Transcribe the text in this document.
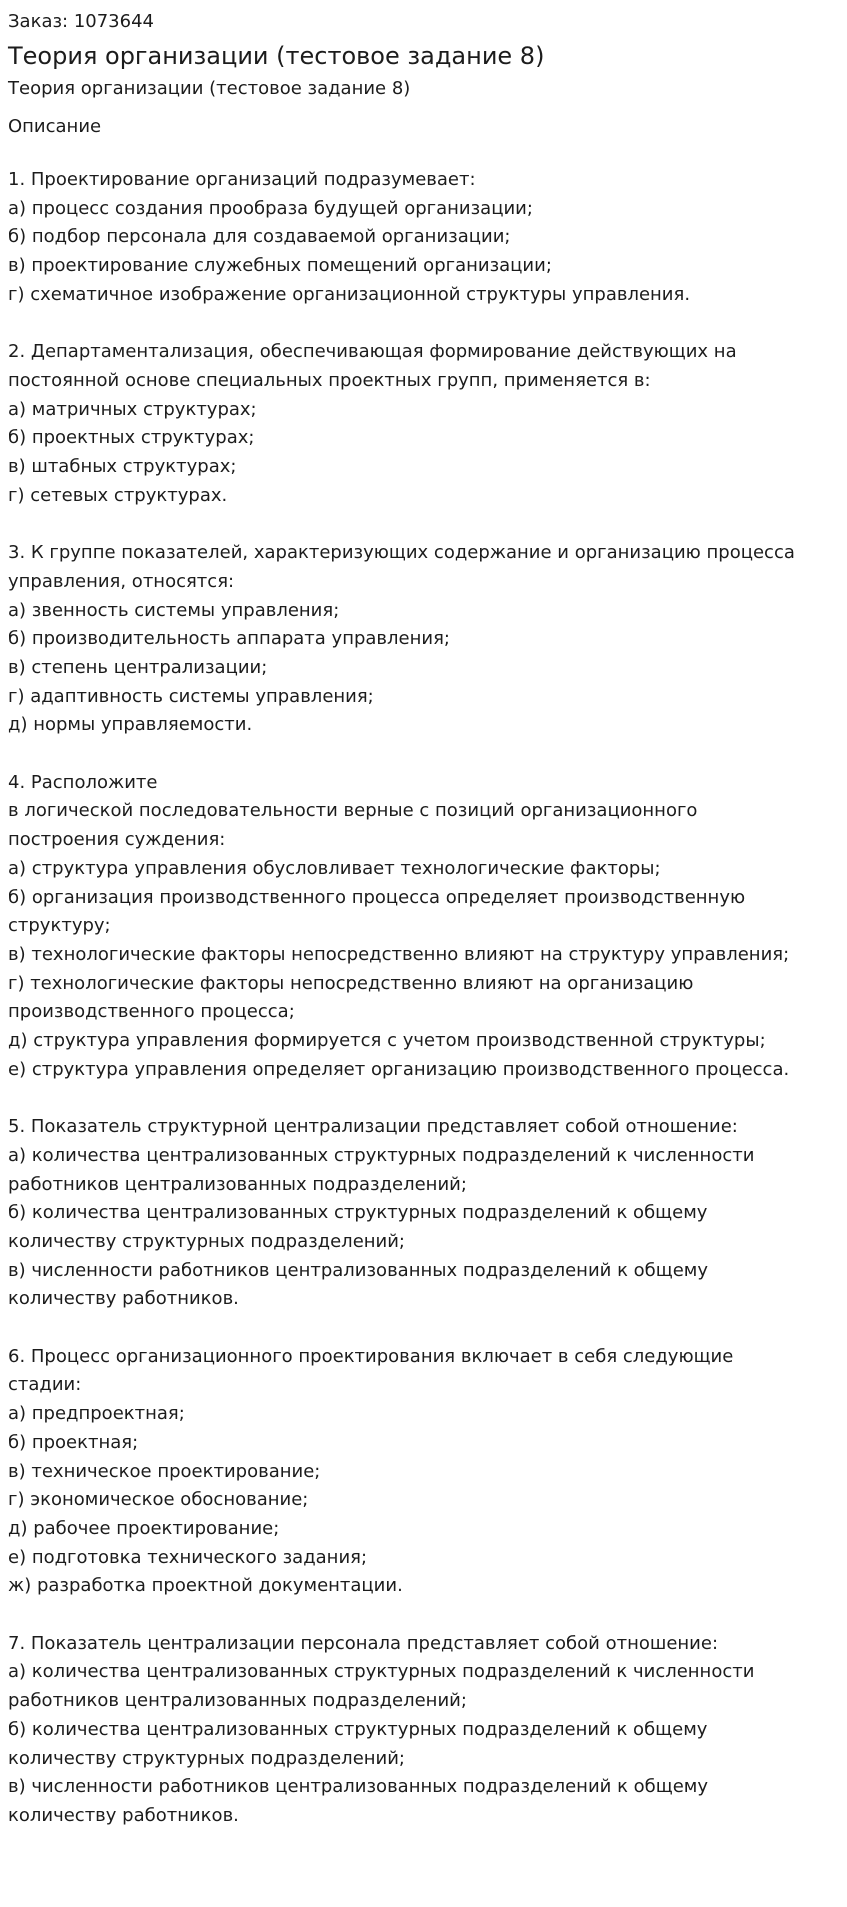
Заказ: 1073644
Теория организации (тестовое задание 8)
Теория организации (тестовое задание 8)
Описание
1. Проектирование организаций подразумевает:
а) процесс создания прообраза будущей организации;
б) подбор персонала для создаваемой организации;
в) проектирование служебных помещений организации;
г) схематичное изображение организационной структуры управления.
2. Департаментализация, обеспечивающая формирование действующих на
постоянной основе специальных проектных групп, применяется в:
а) матричных структурах;
б) проектных структурах;
в) штабных структурах;
г) сетевых структурах.
3. К группе показателей, характеризующих содержание и организацию процесса
управления, относятся:
а) звенность системы управления;
б) производительность аппарата управления;
в) степень централизации;
г) адаптивность системы управления;
д) нормы управляемости.
4. Расположите
в логической последовательности верные с позиций организационного
построения суждения:
а) структура управления обусловливает технологические факторы;
б) организация производственного процесса определяет производственную
структуру;
в) технологические факторы непосредственно влияют на структуру управления;
г) технологические факторы непосредственно влияют на организацию
производственного процесса;
д) структура управления формируется с учетом производственной структуры;
е) структура управления определяет организацию производственного процесса.
5. Показатель структурной централизации представляет собой отношение:
а) количества централизованных структурных подразделений к численности
работников централизованных подразделений;
б) количества централизованных структурных подразделений к общему
количеству структурных подразделений;
в) численности работников централизованных подразделений к общему
количеству работников.
6. Процесс организационного проектирования включает в себя следующие
стадии:
а) предпроектная;
б) проектная;
в) техническое проектирование;
г) экономическое обоснование;
д) рабочее проектирование;
е) подготовка технического задания;
ж) разработка проектной документации.
7. Показатель централизации персонала представляет собой отношение:
а) количества централизованных структурных подразделений к численности
работников централизованных подразделений;
б) количества централизованных структурных подразделений к общему
количеству структурных подразделений;
в) численности работников централизованных подразделений к общему
количеству работников.
